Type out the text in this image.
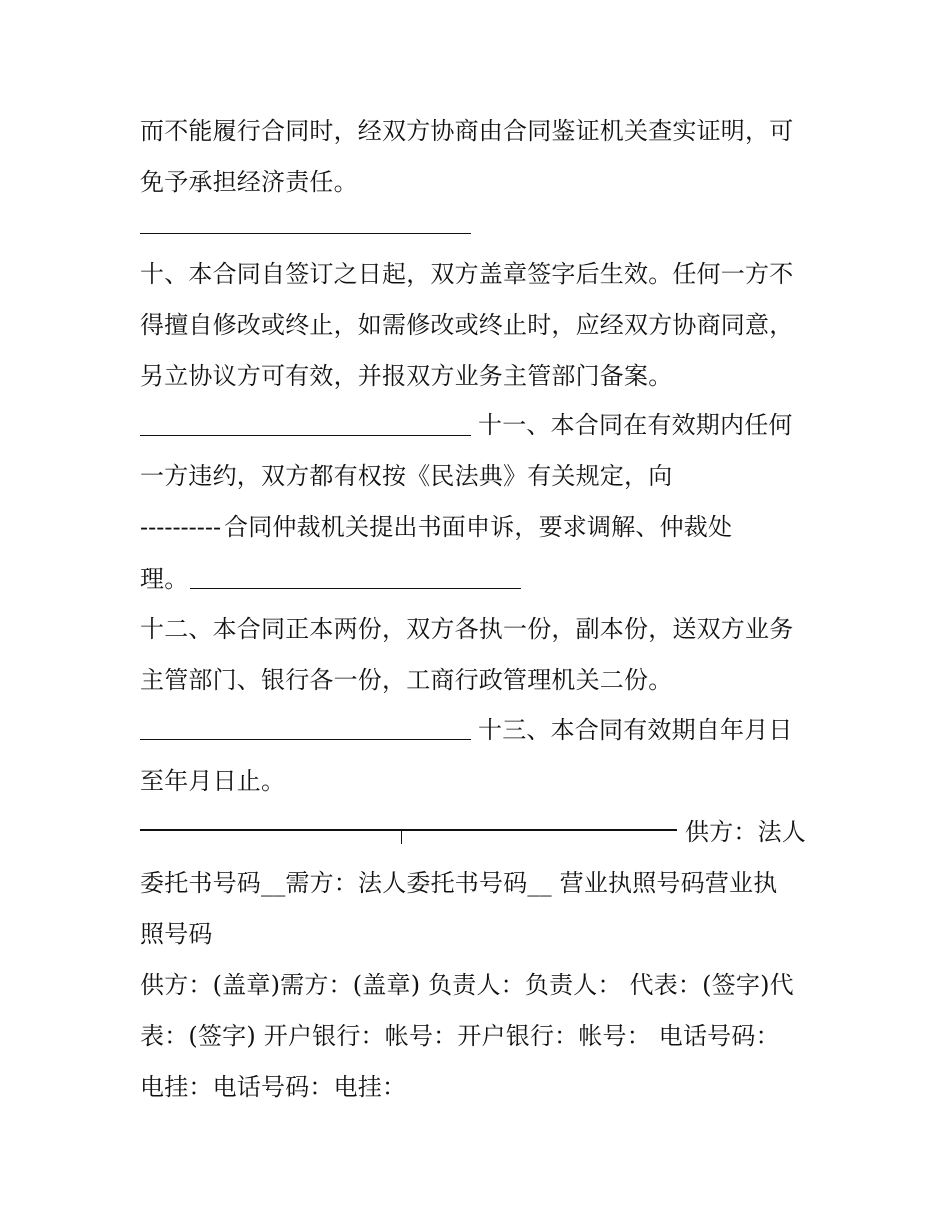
而不能履行合同时，经双方协商由合同鉴证机关查实证明，可
免予承担经济责任。
十、本合同自签订之日起，双方盖章签字后生效。任何一方不
得擅自修改或终止，如需修改或终止时，应经双方协商同意，
另立协议方可有效，并报双方业务主管部门备案。
十一、本合同在有效期内任何
一方违约，双方都有权按《民法典》有关规定，向
---------- 合同仲裁机关提出书面申诉，要求调解、仲裁处
理。
十二、本合同正本两份，双方各执一份，副本份，送双方业务
主管部门、银行各一份，工商行政管理机关二份。
十三、本合同有效期自年月日
至年月日止。
供方：法人
委托书号码__需方：法人委托书号码__ 营业执照号码营业执
照号码
供方：(盖章)需方：(盖章) 负责人：负责人： 代表：(签字)代
表：(签字) 开户银行：帐号：开户银行：帐号： 电话号码：
电挂：电话号码：电挂：
